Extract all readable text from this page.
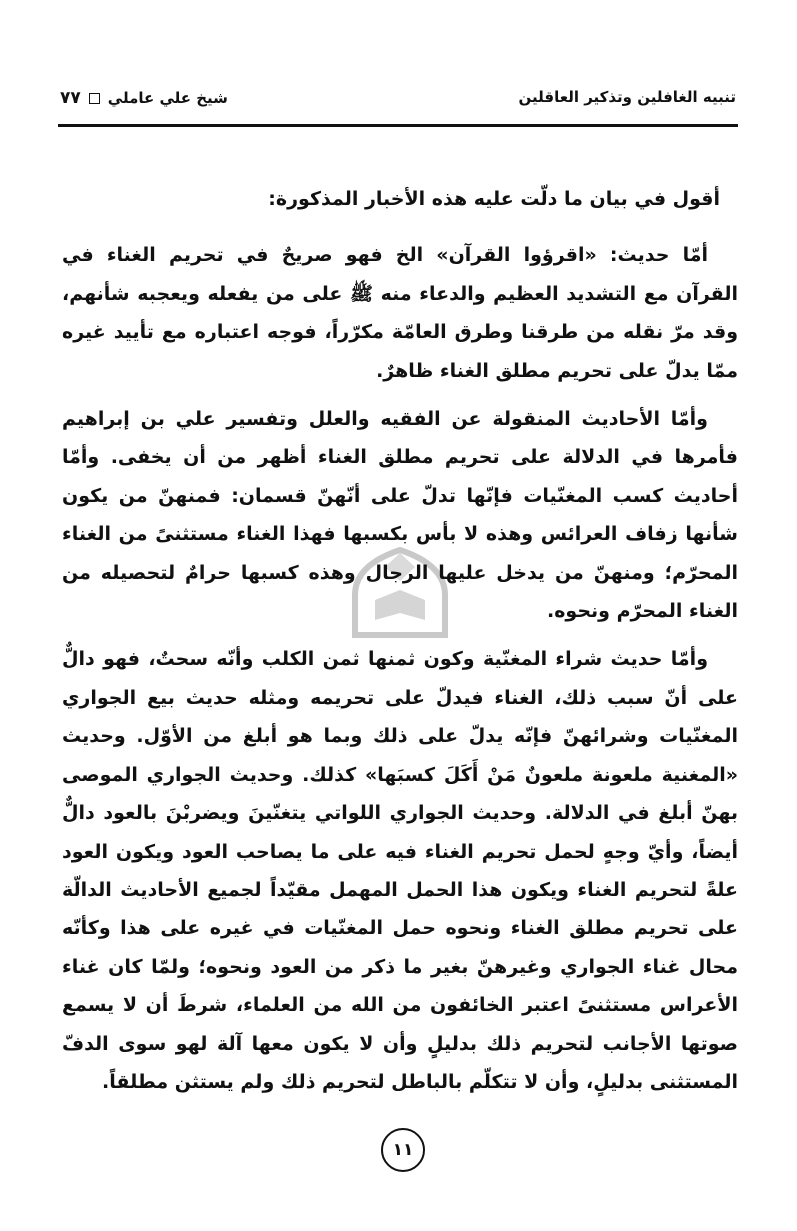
تنبيه الغافلين وتذكير العاقلين
شيخ علي عاملي
٧٧

أقول في بيان ما دلّت عليه هذه الأخبار المذكورة:

أمّا حديث: «اقرؤوا القرآن» الخ فهو صريحٌ في تحريم الغناء في القرآن مع التشديد العظيم والدعاء منه ﷺ على من يفعله ويعجبه شأنهم، وقد مرّ نقله من طرقنا وطرق العامّة مكرّراً، فوجه اعتباره مع تأييد غيره ممّا يدلّ على تحريم مطلق الغناء ظاهرٌ.

وأمّا الأحاديث المنقولة عن الفقيه والعلل وتفسير علي بن إبراهيم فأمرها في الدلالة على تحريم مطلق الغناء أظهر من أن يخفى. وأمّا أحاديث كسب المغنّيات فإنّها تدلّ على أنّهنّ قسمان: فمنهنّ من يكون شأنها زفاف العرائس وهذه لا بأس بكسبها فهذا الغناء مستثنىً من الغناء المحرّم؛ ومنهنّ من يدخل عليها الرجال وهذه كسبها حرامٌ لتحصيله من الغناء المحرّم ونحوه.

وأمّا حديث شراء المغنّية وكون ثمنها ثمن الكلب وأنّه سحتٌ، فهو دالٌّ على أنّ سبب ذلك، الغناء فيدلّ على تحريمه ومثله حديث بيع الجواري المغنّيات وشرائهنّ فإنّه يدلّ على ذلك وبما هو أبلغ من الأوّل. وحديث «المغنية ملعونة ملعونٌ مَنْ أَكَلَ كسبَها» كذلك. وحديث الجواري الموصى بهنّ أبلغ في الدلالة. وحديث الجواري اللواتي يتغنّينَ ويضربْنَ بالعود دالٌّ أيضاً، وأيّ وجهٍ لحمل تحريم الغناء فيه على ما يصاحب العود ويكون العود علةً لتحريم الغناء ويكون هذا الحمل المهمل مقيّداً لجميع الأحاديث الدالّة على تحريم مطلق الغناء ونحوه حمل المغنّيات في غيره على هذا وكأنّه محال غناء الجواري وغيرهنّ بغير ما ذكر من العود ونحوه؛ ولمّا كان غناء الأعراس مستثنىً اعتبر الخائفون من الله من العلماء، شرطَ أن لا يسمع صوتها الأجانب لتحريم ذلك بدليلٍ وأن لا يكون معها آلة لهو سوى الدفّ المستثنى بدليلٍ، وأن لا تتكلّم بالباطل لتحريم ذلك ولم يستثن مطلقاً.

١١
